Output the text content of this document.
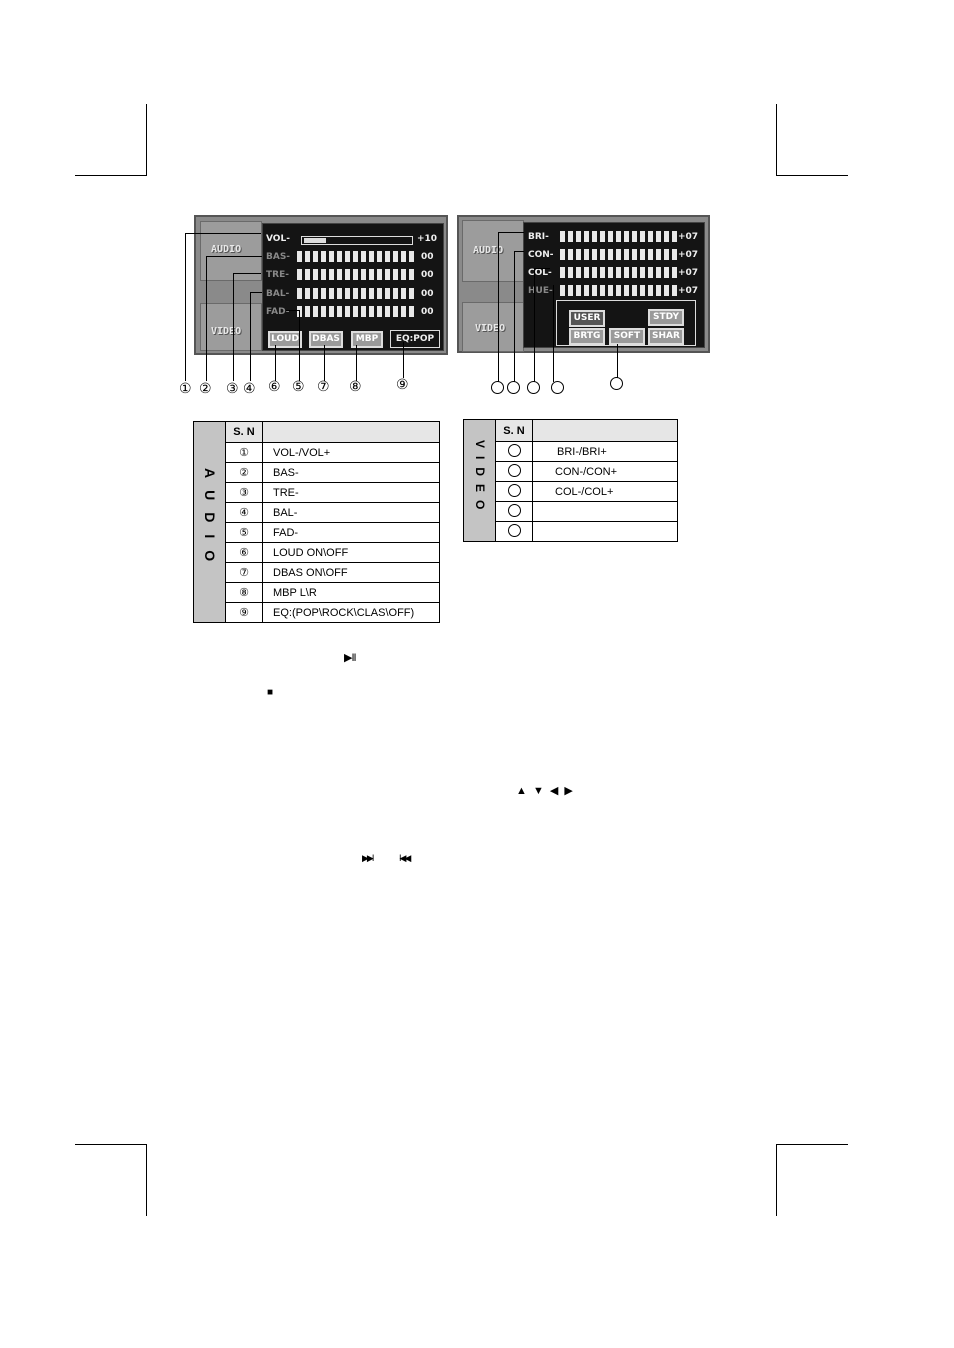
AUDIO
VIDEO
VOL-	+10
BAS-	00
TRE-	00
BAL-	00
FAD-	00
LOUD	DBAS	MBP	EQ:POP
① ② ③ ④ ⑥ ⑤ ⑦ ⑧ ⑨
AUDIO
VIDEO
BRI-	+07
CON-	+07
COL-	+07
HUE-	+07
USER	STDY
BRTG	SOFT	SHAR
AUDIO	S. N	
	①	VOL-/VOL+
	②	BAS-
	③	TRE-
	④	BAL-
	⑤	FAD-
	⑥	LOUD ON\OFF
	⑦	DBAS ON\OFF
	⑧	MBP L\R
	⑨	EQ:(POP\ROCK\CLAS\OFF)
VIDEO	S. N	
		BRI-/BRI+
		CON-/CON+
		COL-/COL+

▶II
■
▲ ▼ ◀ ▶
▶▶I	I◀◀
